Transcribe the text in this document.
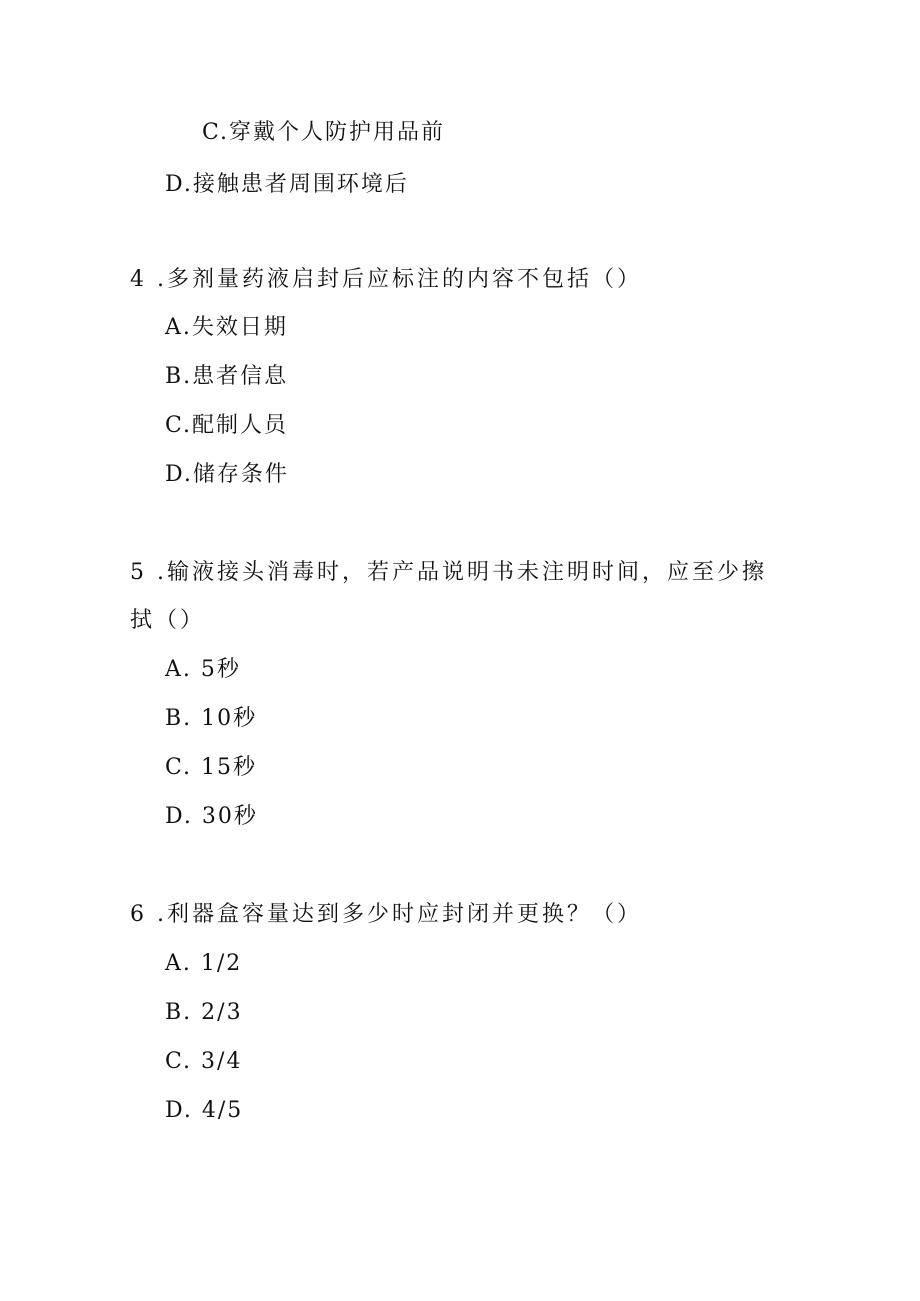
C.穿戴个人防护用品前
D.接触患者周围环境后
4 .多剂量药液启封后应标注的内容不包括（）
A.失效日期
B.患者信息
C.配制人员
D.储存条件
5 .输液接头消毒时，若产品说明书未注明时间，应至少擦
拭（）
A. 5秒
B. 10秒
C. 15秒
D. 30秒
6 .利器盒容量达到多少时应封闭并更换？（）
A. 1/2
B. 2/3
C. 3/4
D. 4/5
